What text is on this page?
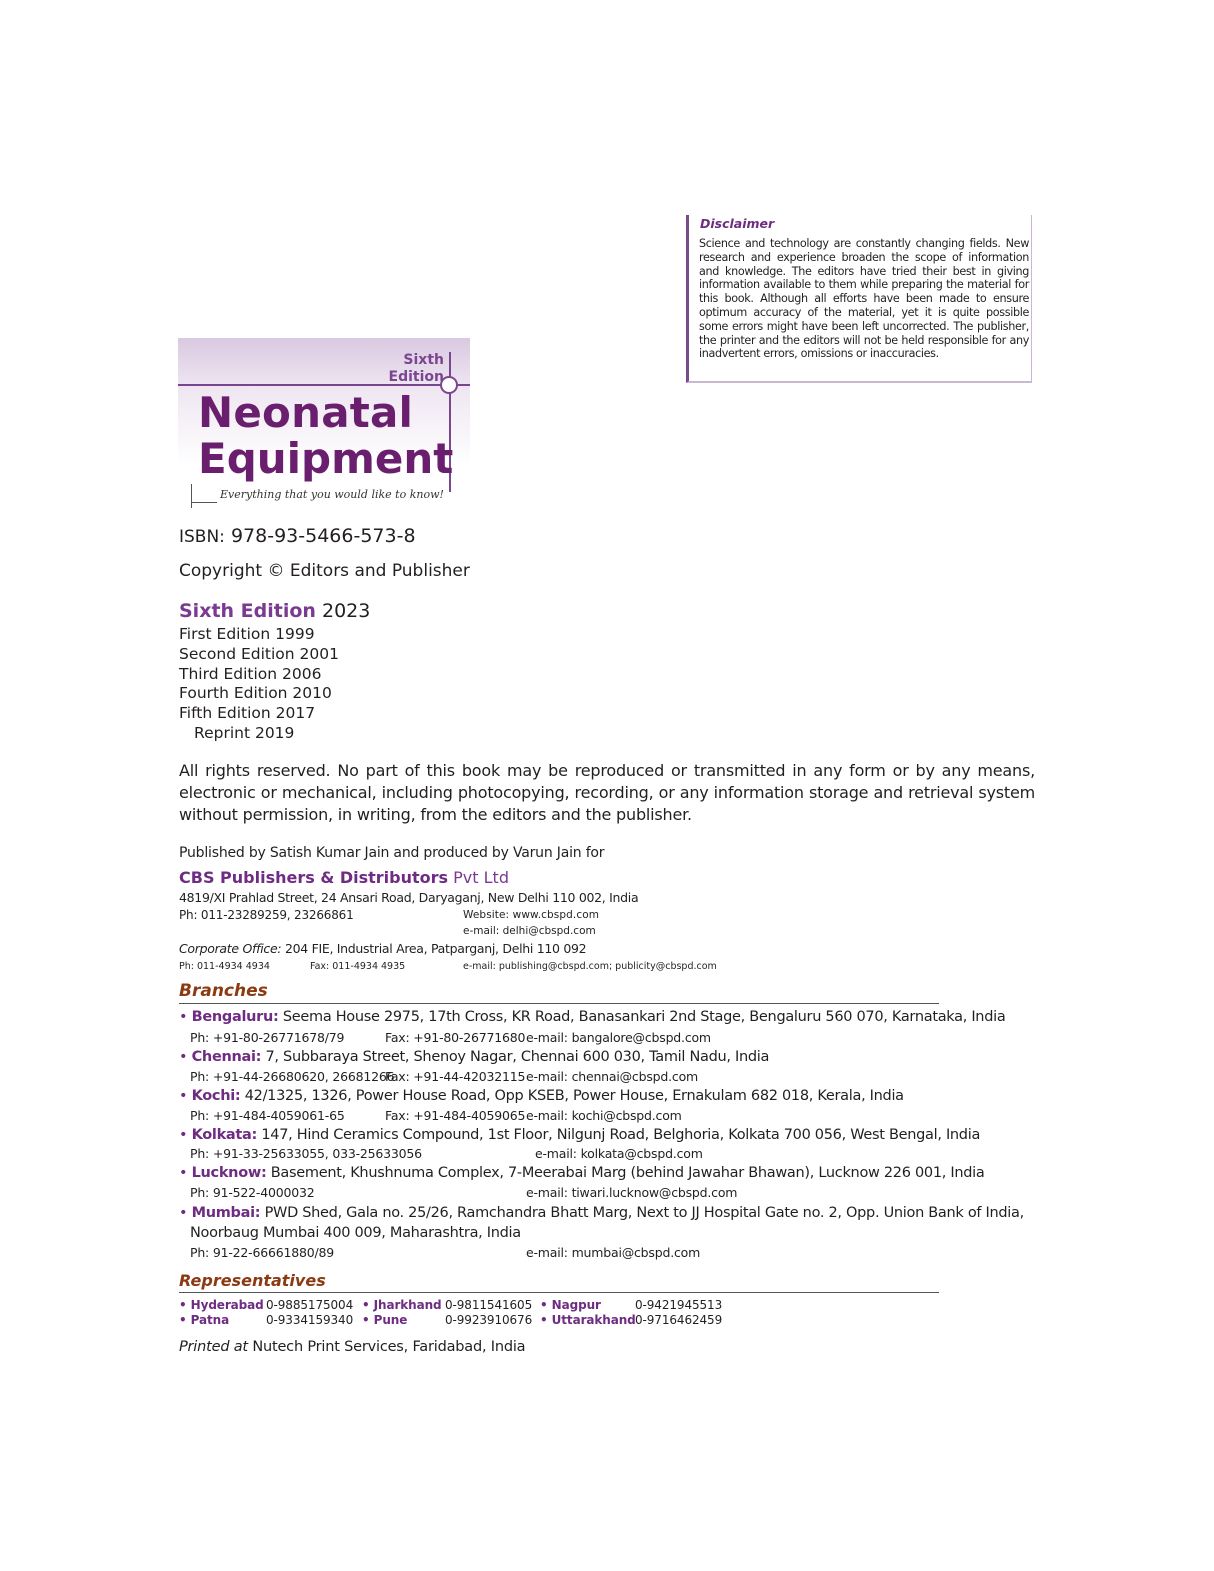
Disclaimer
Science and technology are constantly changing fields. New research and experience broaden the scope of information and knowledge. The editors have tried their best in giving information available to them while preparing the material for this book. Although all efforts have been made to ensure optimum accuracy of the material, yet it is quite possible some errors might have been left uncorrected. The publisher, the printer and the editors will not be held responsible for any inadvertent errors, omissions or inaccuracies.
Sixth
Edition
Neonatal
Equipment
Everything that you would like to know!
ISBN: 978-93-5466-573-8
Copyright © Editors and Publisher
Sixth Edition 2023
First Edition 1999
Second Edition 2001
Third Edition 2006
Fourth Edition 2010
Fifth Edition 2017
Reprint 2019
All rights reserved. No part of this book may be reproduced or transmitted in any form or by any means, electronic or mechanical, including photocopying, recording, or any information storage and retrieval system without permission, in writing, from the editors and the publisher.
Published by Satish Kumar Jain and produced by Varun Jain for
CBS Publishers & Distributors Pvt Ltd
4819/XI Prahlad Street, 24 Ansari Road, Daryaganj, New Delhi 110 002, India
Ph: 011-23289259, 23266861	Website: www.cbspd.com
e-mail: delhi@cbspd.com
Corporate Office: 204 FIE, Industrial Area, Patparganj, Delhi 110 092
Ph: 011-4934 4934	Fax: 011-4934 4935	e-mail: publishing@cbspd.com; publicity@cbspd.com
Branches
• Bengaluru: Seema House 2975, 17th Cross, KR Road, Banasankari 2nd Stage, Bengaluru 560 070, Karnataka, India
Ph: +91-80-26771678/79	Fax: +91-80-26771680 e-mail: bangalore@cbspd.com
• Chennai: 7, Subbaraya Street, Shenoy Nagar, Chennai 600 030, Tamil Nadu, India
Ph: +91-44-26680620, 26681266
Fax: +91-44-42032115 e-mail: chennai@cbspd.com
• Kochi: 42/1325, 1326, Power House Road, Opp KSEB, Power House, Ernakulam 682 018, Kerala, India
Ph: +91-484-4059061-65	Fax: +91-484-4059065 e-mail: kochi@cbspd.com
• Kolkata: 147, Hind Ceramics Compound, 1st Floor, Nilgunj Road, Belghoria, Kolkata 700 056, West Bengal, India
Ph: +91-33-25633055, 033-25633056	e-mail: kolkata@cbspd.com
• Lucknow: Basement, Khushnuma Complex, 7-Meerabai Marg (behind Jawahar Bhawan), Lucknow 226 001, India
Ph: 91-522-4000032	e-mail: tiwari.lucknow@cbspd.com
• Mumbai: PWD Shed, Gala no. 25/26, Ramchandra Bhatt Marg, Next to JJ Hospital Gate no. 2, Opp. Union Bank of India,
Noorbaug Mumbai 400 009, Maharashtra, India
Ph: 91-22-66661880/89	e-mail: mumbai@cbspd.com
Representatives
• Hyderabad 0-9885175004 • Jharkhand 0-9811541605 • Nagpur	0-9421945513
• Patna	0-9334159340 • Pune	0-9923910676 • Uttarakhand 0-9716462459
Printed at Nutech Print Services, Faridabad, India
